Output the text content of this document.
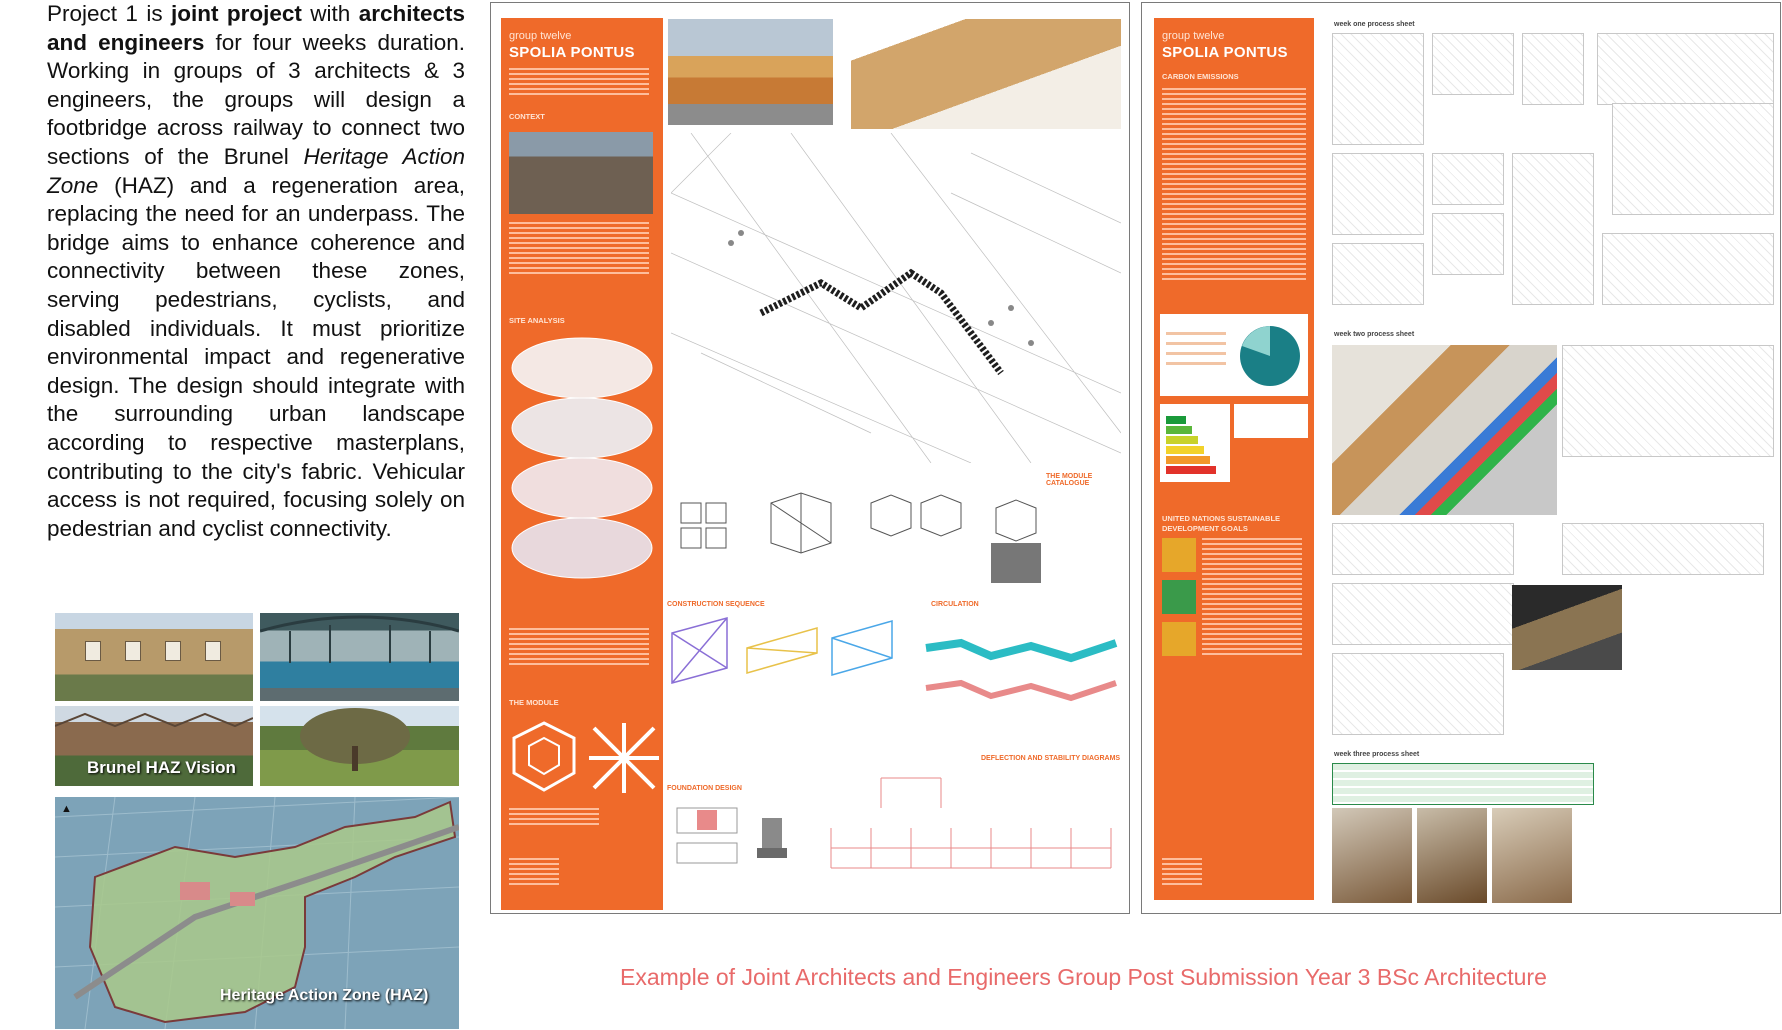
Project 1 is joint project with architects and engineers for four weeks duration. Working in groups of 3 architects & 3 engineers, the groups will design a footbridge across railway to connect two sections of the Brunel Heritage Action Zone (HAZ) and a regeneration area, replacing the need for an underpass. The bridge aims to enhance coherence and connectivity between these zones, serving pedestrians, cyclists, and disabled individuals. It must prioritize environmental impact and regenerative design. The design should integrate with the surrounding urban landscape according to respective masterplans, contributing to the city's fabric. Vehicular access is not required, focusing solely on pedestrian and cyclist connectivity.
Brunel HAZ Vision
▲
Heritage Action Zone (HAZ)
group twelve
SPOLIA PONTUS
CONTEXT
SITE ANALYSIS
THE MODULE
THE MODULE CATALOGUE
CONSTRUCTION SEQUENCE	CIRCULATION
FOUNDATION DESIGN
DEFLECTION AND STABILITY DIAGRAMS
group twelve
SPOLIA PONTUS
CARBON EMISSIONS
UNITED NATIONS SUSTAINABLE DEVELOPMENT GOALS
week one process sheet
week two process sheet
week three process sheet
Example of Joint Architects and Engineers Group Post Submission Year 3 BSc Architecture
